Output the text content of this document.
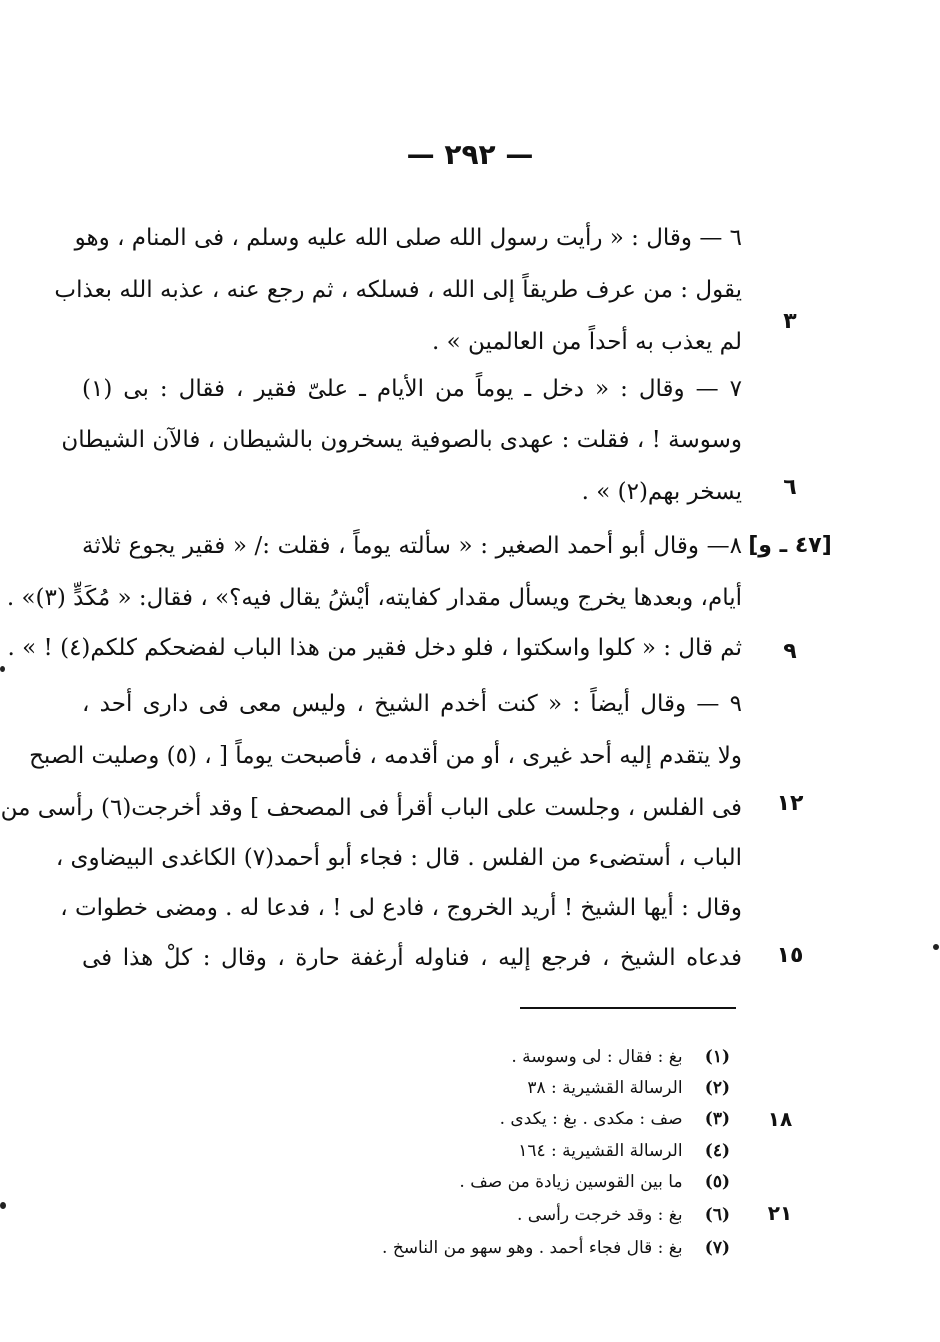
— ٢٩٢ —
٦ — وقال : « رأيت رسول الله صلى الله عليه وسلم ، فى المنام ، وهو
يقول : من عرف طريقاً إلى الله ، فسلكه ، ثم رجع عنه ، عذبه الله بعذاب
لم يعذب به أحداً من العالمين » .
٣
٧ — وقال : « دخل ـ يوماً من الأيام ـ علىّ فقير ، فقال : بى (١)
وسوسة ! ، فقلت : عهدى بالصوفية يسخرون بالشيطان ، فالآن الشيطان
يسخر بهم(٢) » .	٦
٨— وقال أبو أحمد الصغير : « سألته يوماً ، فقلت :/ « فقير يجوع ثلاثة [٤٧ ـ و]
أيام، وبعدها يخرج ويسأل مقدار كفايته، أيْشُ يقال فيه؟» ، فقال: « مُكَدٍّ (٣)» .
ثم قال : « كلوا واسكتوا ، فلو دخل فقير من هذا الباب لفضحكم كلكم(٤) ! » .	٩
٩ — وقال أيضاً : « كنت أخدم الشيخ ، وليس معى فى دارى أحد ،
ولا يتقدم إليه أحد غيرى ، أو من أقدمه ، فأصبحت يوماً [ ، (٥) وصليت الصبح
فى الفلس ، وجلست على الباب أقرأ فى المصحف ] وقد أخرجت(٦) رأسى من	١٢
الباب ، أستضىء من الفلس . قال : فجاء أبو أحمد(٧) الكاغدى البيضاوى ،
وقال : أيها الشيخ ! أريد الخروج ، فادع لى ! ، فدعا له . ومضى خطوات ،
فدعاه الشيخ ، فرجع إليه ، فناوله أرغفة حارة ، وقال : كلْ هذا فى	١٥
(١) بغ : فقال : لى وسوسة .
(٢) الرسالة القشيرية : ٣٨
(٣) صف : مكدى . بغ : يكدى .	١٨
(٤) الرسالة القشيرية : ١٦٤
(٥) ما بين القوسين زيادة من صف .
(٦) بغ : وقد خرجت رأسى .	٢١
(٧) بغ : قال فجاء أحمد . وهو سهو من الناسخ .
